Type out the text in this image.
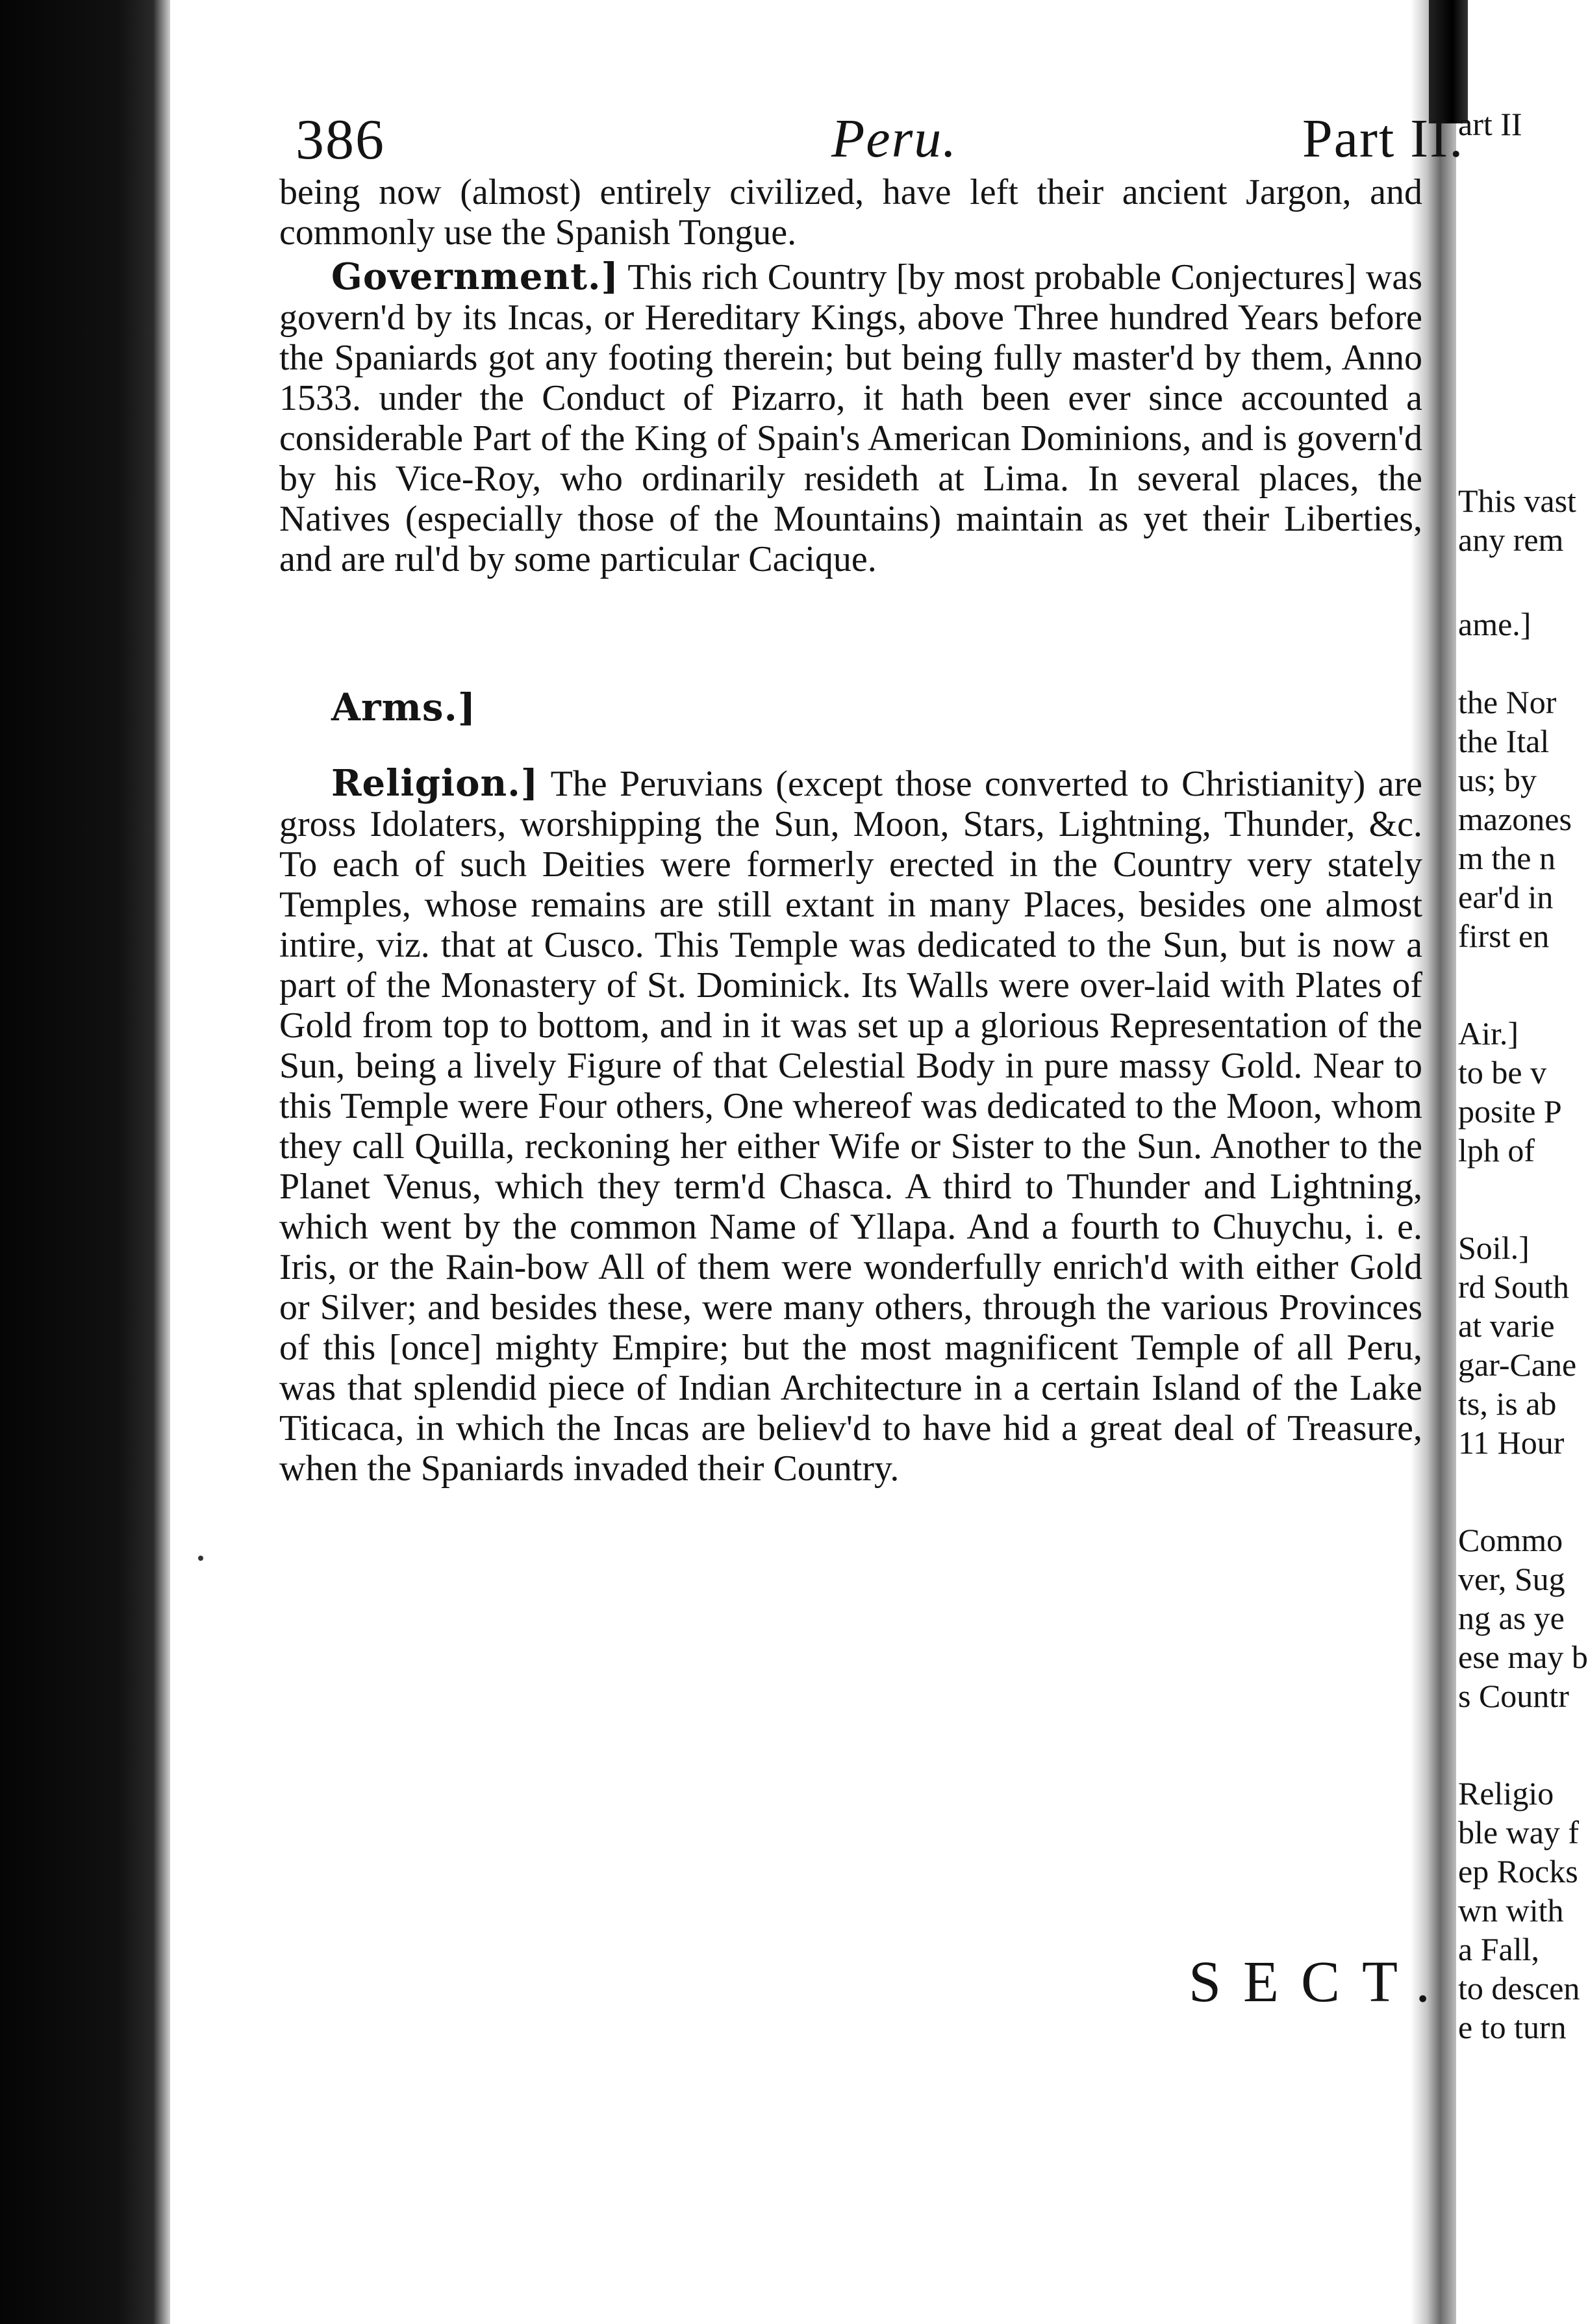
386	Peru.	Part II.

being now (almost) entirely civilized, have left their ancient Jargon, and commonly use the Spanish Tongue.

Government.] This rich Country [by most probable Conjectures] was govern'd by its Incas, or Hereditary Kings, above Three hundred Years before the Spaniards got any footing therein; but being fully master'd by them, Anno 1533. under the Conduct of Pizarro, it hath been ever since accounted a considerable Part of the King of Spain's American Dominions, and is govern'd by his Vice-Roy, who ordinarily resideth at Lima. In several places, the Natives (especially those of the Mountains) maintain as yet their Liberties, and are rul'd by some particular Cacique.

Arms.]

Religion.] The Peruvians (except those converted to Christianity) are gross Idolaters, worshipping the Sun, Moon, Stars, Lightning, Thunder, &c. To each of such Deities were formerly erected in the Country very stately Temples, whose remains are still extant in many Places, besides one almost intire, viz. that at Cusco. This Temple was dedicated to the Sun, but is now a part of the Monastery of St. Dominick. Its Walls were over-laid with Plates of Gold from top to bottom, and in it was set up a glorious Representation of the Sun, being a lively Figure of that Celestial Body in pure massy Gold. Near to this Temple were Four others, One whereof was dedicated to the Moon, whom they call Quilla, reckoning her either Wife or Sister to the Sun. Another to the Planet Venus, which they term'd Chasca. A third to Thunder and Lightning, which went by the common Name of Yllapa. And a fourth to Chuychu, i. e. Iris, or the Rain-bow All of them were wonderfully enrich'd with either Gold or Silver; and besides these, were many others, through the various Provinces of this [once] mighty Empire; but the most magnificent Temple of all Peru, was that splendid piece of Indian Architecture in a certain Island of the Lake Titicaca, in which the Incas are believ'd to have hid a great deal of Treasure, when the Spaniards invaded their Country.

SECT.
art II
This vast
any rem
ame.]
the Nor
the Ital
us; by
mazones
m the n
ear'd in
first en
Air.]
to be v
posite P
lph of
Soil.]
rd South
at varie
gar-Cane
ts, is ab
11 Hour
Commo
ver, Sug
ng as ye
ese may b
s Countr
Religio
ble way f
ep Rocks
wn with
a Fall,
to descen
e to turn
